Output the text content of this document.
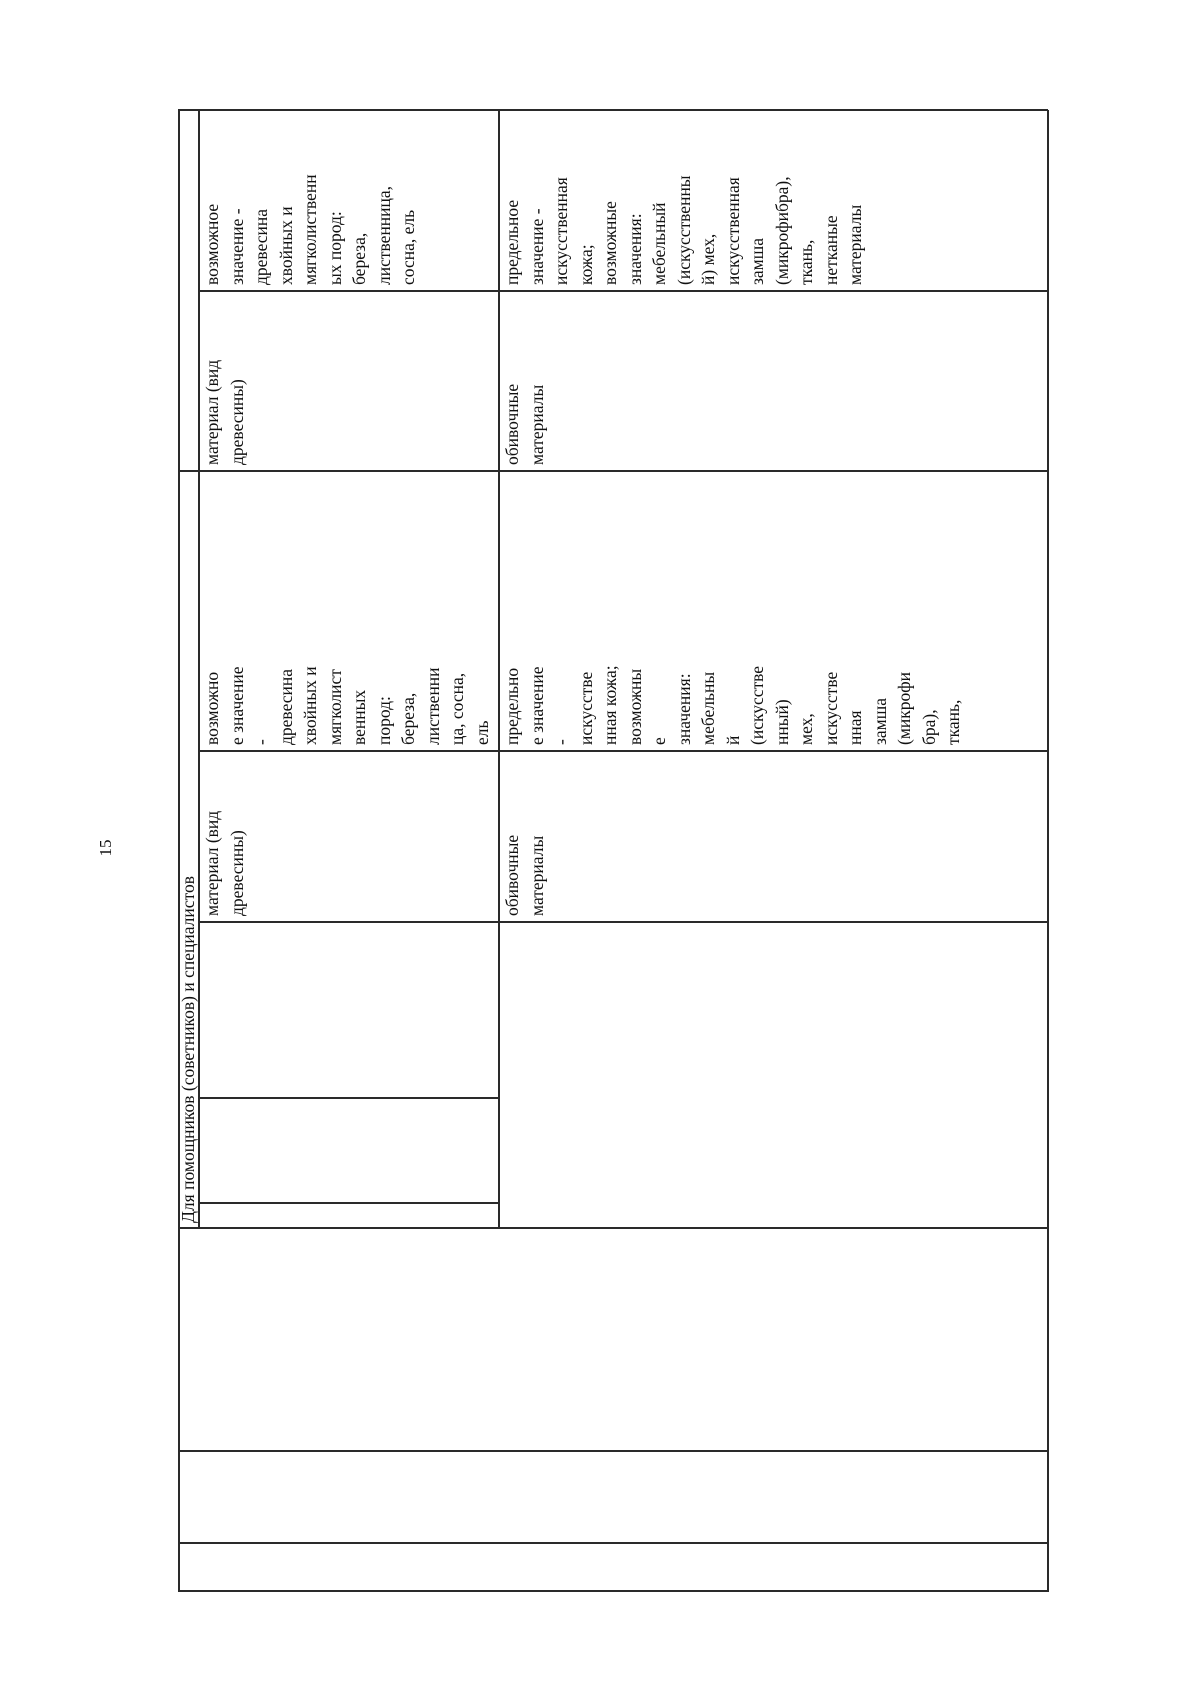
15
Для помощников (советников) и специалистов материал (вид
древесины)
возможно
е значение
-
древесина
хвойных и
мягколист
венных
пород:
береза,
лиственни
ца, сосна,
ель
обивочные
материалы
предельно
е значение
-
искусстве
нная кожа;
возможны
е
значения:
мебельны
й
(искусстве
нный)
мех,
искусстве
нная
замша
(микрофи
бра),
ткань,
материал (вид
древесины)
возможное
значение -
древесина
хвойных и
мягколиственн
ых пород:
береза,
лиственница,
сосна, ель
обивочные
материалы
предельное
значение -
искусственная
кожа;
возможные
значения:
мебельный
(искусственны
й) мех,
искусственная
замша
(микрофибра),
ткань,
нетканые
материалы
